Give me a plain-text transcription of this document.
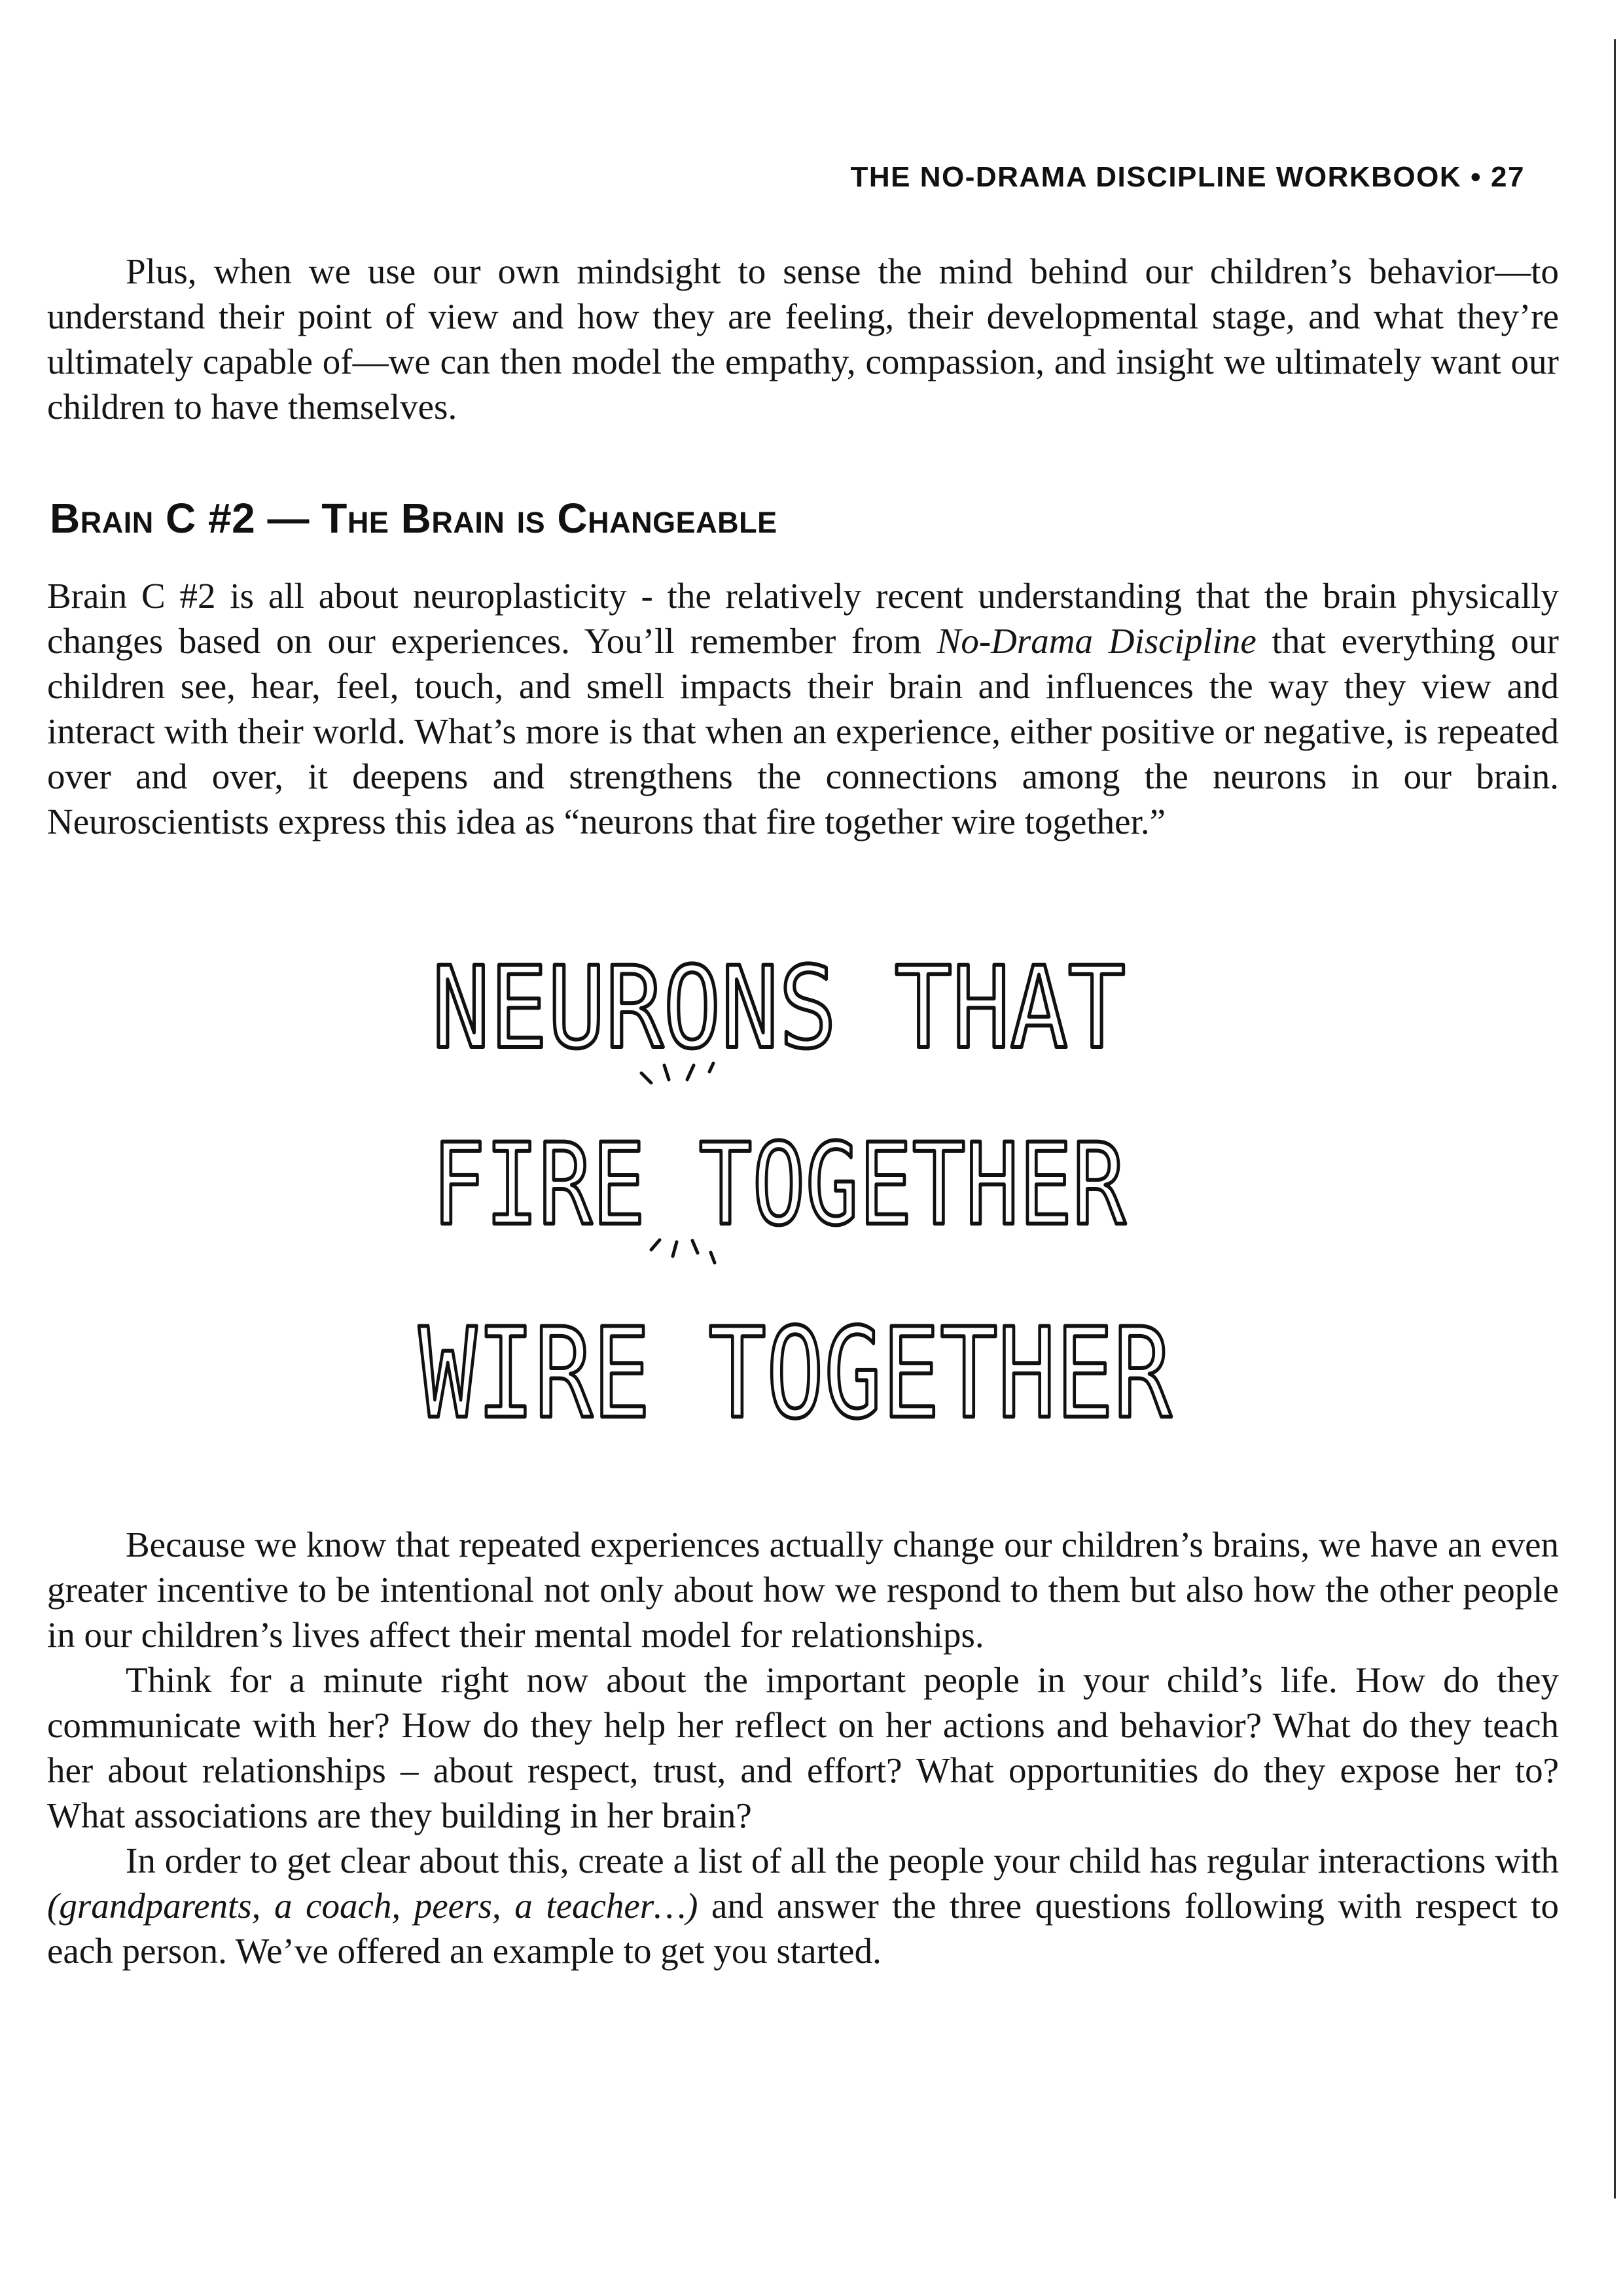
THE NO-DRAMA DISCIPLINE WORKBOOK • 27

Plus, when we use our own mindsight to sense the mind behind our children’s behavior—to understand their point of view and how they are feeling, their developmental stage, and what they’re ultimately capable of—we can then model the empathy, compassion, and insight we ultimately want our children to have themselves.

Brain C #2 — The Brain is Changeable

Brain C #2 is all about neuroplasticity - the relatively recent understanding that the brain physically changes based on our experiences. You’ll remember from No-Drama Discipline that everything our children see, hear, feel, touch, and smell impacts their brain and influences the way they view and interact with their world. What’s more is that when an experience, either positive or negative, is repeated over and over, it deepens and strengthens the connections among the neurons in our brain. Neuroscientists express this idea as “neurons that fire together wire together.”

NEURONS THAT
FIRE TOGETHER
WIRE TOGETHER

Because we know that repeated experiences actually change our children’s brains, we have an even greater incentive to be intentional not only about how we respond to them but also how the other people in our children’s lives affect their mental model for relationships.

Think for a minute right now about the important people in your child’s life. How do they communicate with her? How do they help her reflect on her actions and behavior? What do they teach her about relationships – about respect, trust, and effort? What opportunities do they expose her to? What associations are they building in her brain?

In order to get clear about this, create a list of all the people your child has regular interactions with (grandparents, a coach, peers, a teacher…) and answer the three questions following with respect to each person. We’ve offered an example to get you started.
